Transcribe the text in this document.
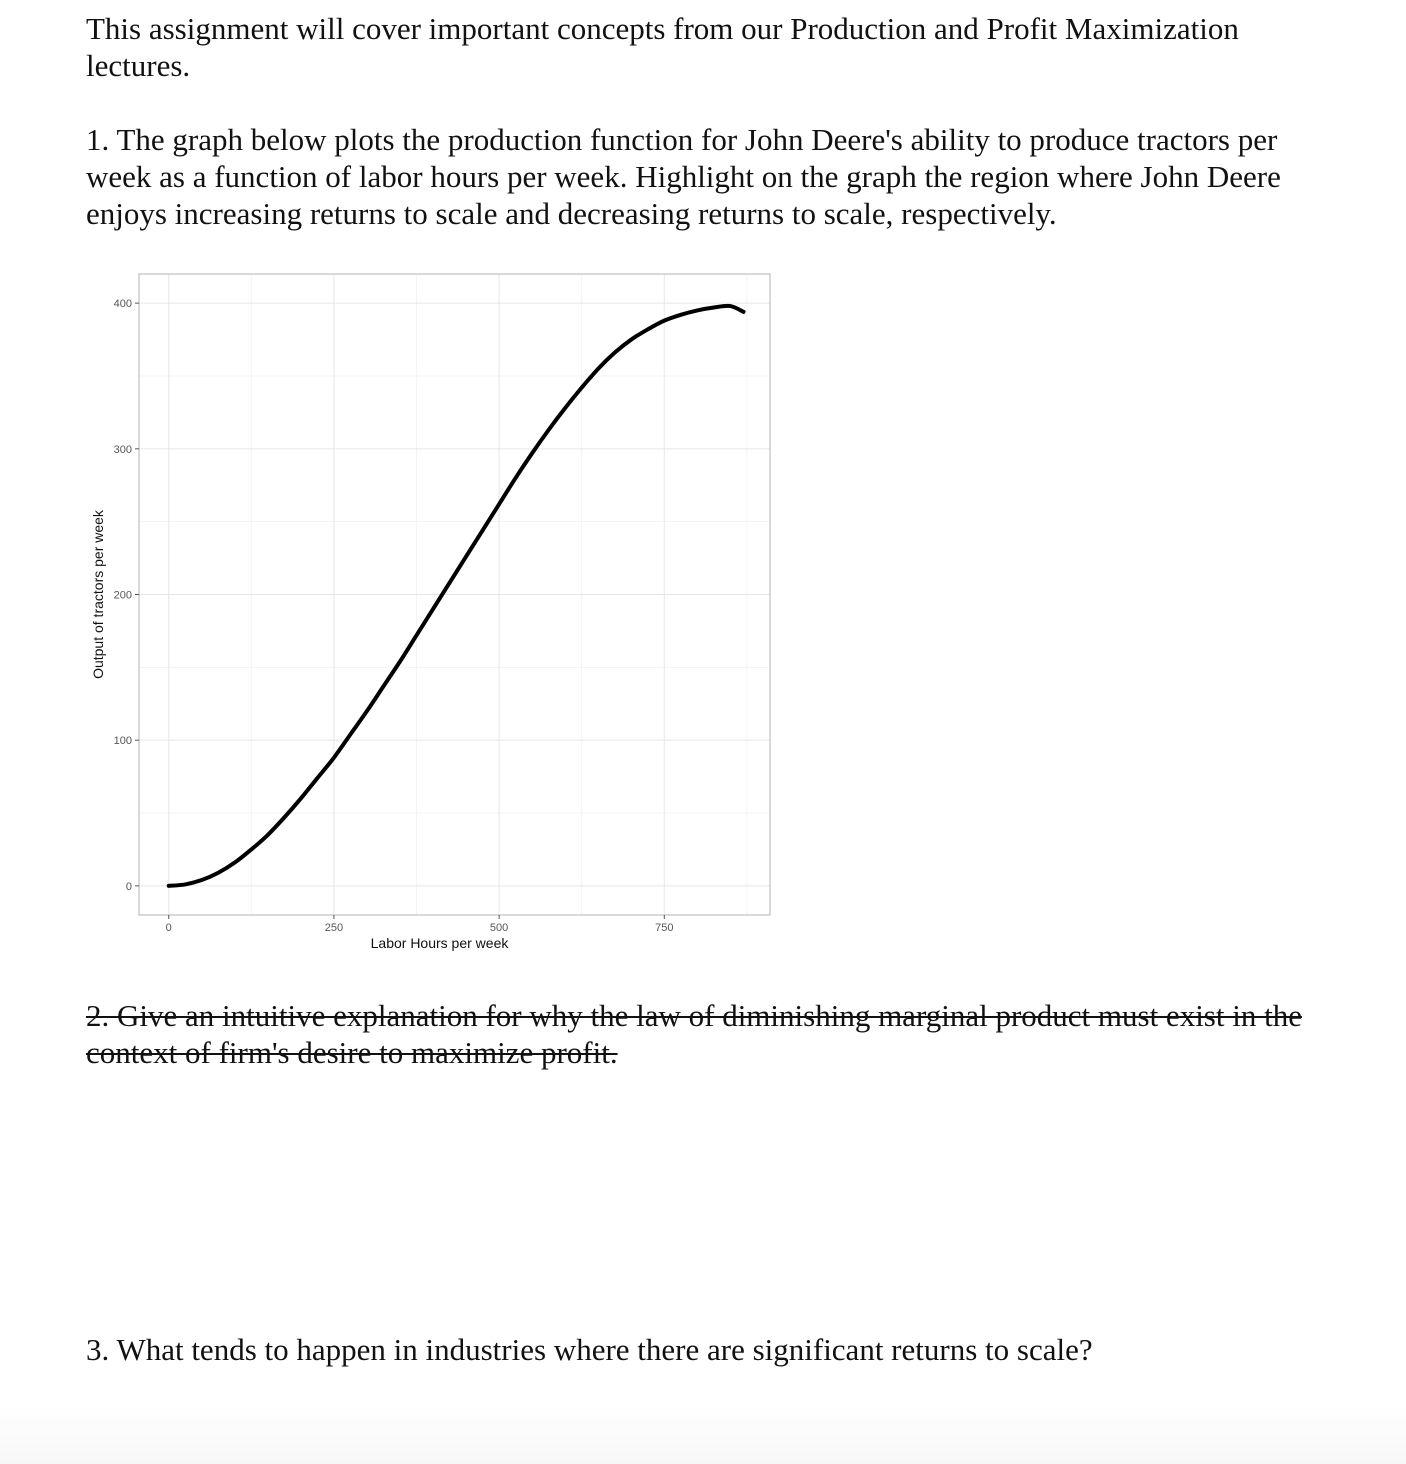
This assignment will cover important concepts from our Production and Profit Maximization lectures.

1. The graph below plots the production function for John Deere's ability to produce tractors per week as a function of labor hours per week. Highlight on the graph the region where John Deere enjoys increasing returns to scale and decreasing returns to scale, respectively.

0	250	500	750
0
100
200
300
400
Labor Hours per week
Output of tractors per week

2. Give an intuitive explanation for why the law of diminishing marginal product must exist in the context of firm's desire to maximize profit.

3. What tends to happen in industries where there are significant returns to scale?
